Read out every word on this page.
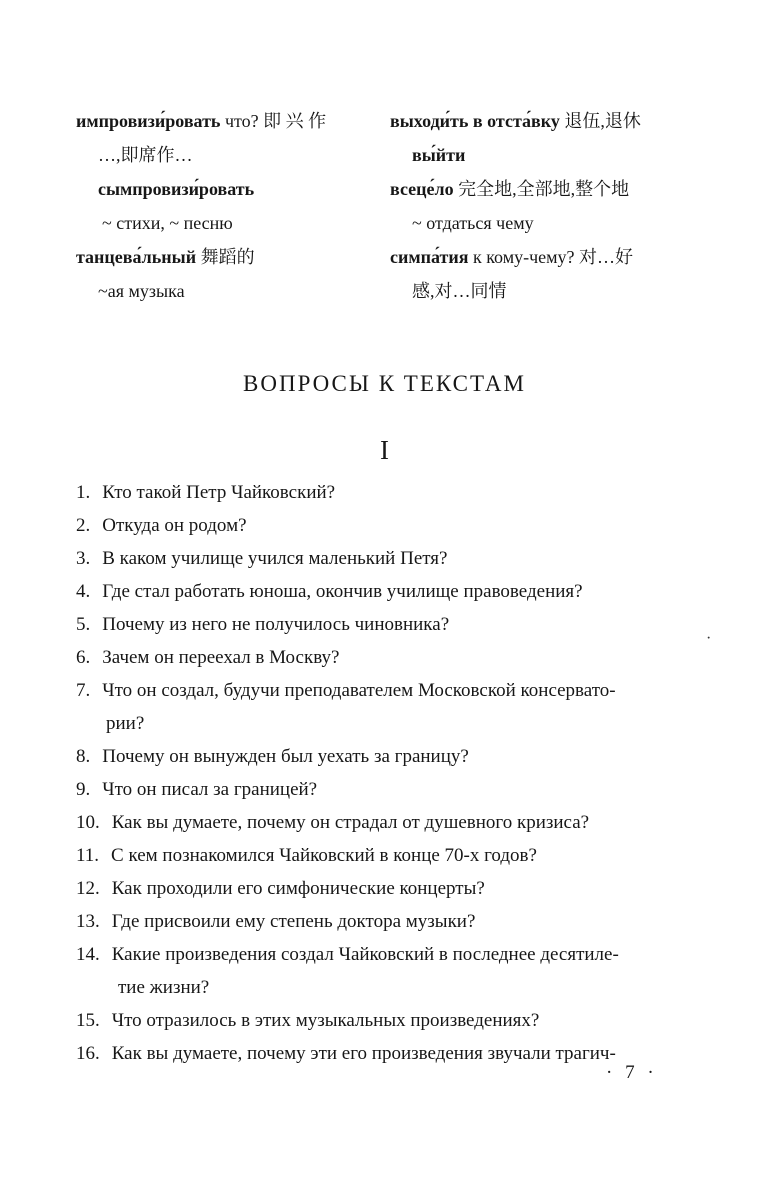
импровизи́ровать что? 即 兴 作
…,即席作…
сымпровизи́ровать
~ стихи, ~ песню
танцева́льный 舞蹈的
~ая музыка
выходи́ть в отста́вку 退伍,退休
вы́йти
всеце́ло 完全地,全部地,整个地
~ отдаться чему
симпа́тия к кому-чему? 对…好
感,对…同情
ВОПРОСЫ К ТЕКСТАМ
I
1. Кто такой Петр Чайковский?
2. Откуда он родом?
3. В каком училище учился маленький Петя?
4. Где стал работать юноша, окончив училище правоведения?
5. Почему из него не получилось чиновника?
6. Зачем он переехал в Москву?
7. Что он создал, будучи преподавателем Московской консервато-
рии?
8. Почему он вынужден был уехать за границу?
9. Что он писал за границей?
10. Как вы думаете, почему он страдал от душевного кризиса?
11. С кем познакомился Чайковский в конце 70-х годов?
12. Как проходили его симфонические концерты?
13. Где присвоили ему степень доктора музыки?
14. Какие произведения создал Чайковский в последнее десятиле-
тие жизни?
15. Что отразилось в этих музыкальных произведениях?
16. Как вы думаете, почему эти его произведения звучали трагич-
· 7 ·
·
